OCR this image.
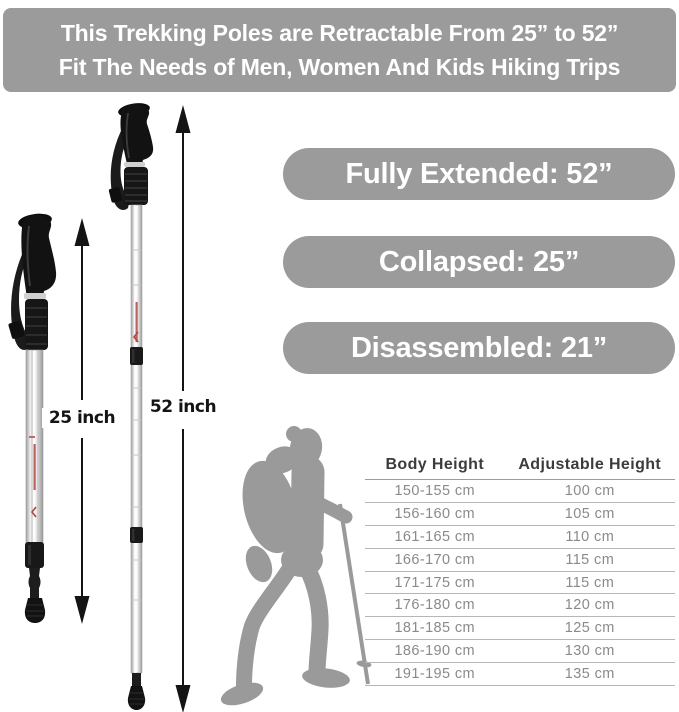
This Trekking Poles are Retractable From 25” to 52”
Fit The Needs of Men, Women And Kids Hiking Trips
25 inch
52 inch
Fully Extended: 52”
Collapsed: 25”
Disassembled: 21”
Body Height	Adjustable Height
150-155 cm	100 cm
156-160 cm	105 cm
161-165 cm	110 cm
166-170 cm	115 cm
171-175 cm	115 cm
176-180 cm	120 cm
181-185 cm	125 cm
186-190 cm	130 cm
191-195 cm	135 cm
